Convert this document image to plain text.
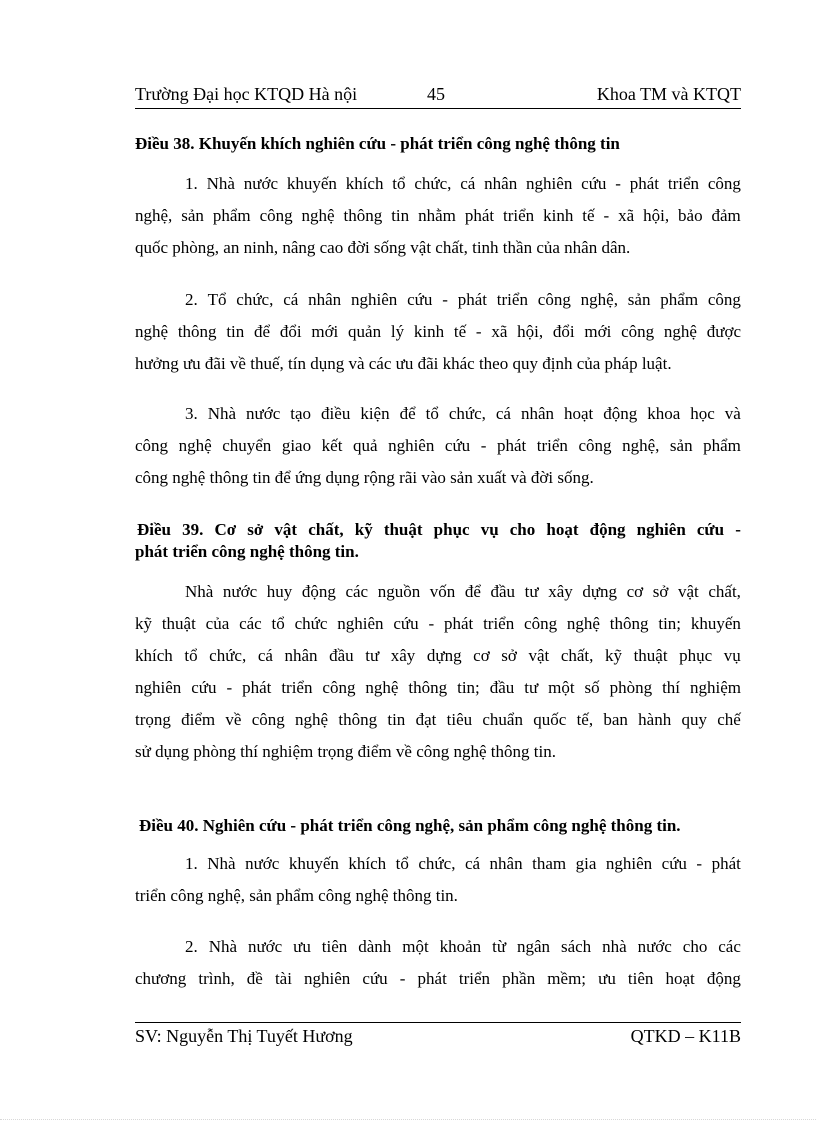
Trường Đại học KTQD Hà nội	45	Khoa TM và KTQT
Điều 38. Khuyến khích nghiên cứu - phát triển công nghệ thông tin
1. Nhà nước khuyến khích tổ chức, cá nhân nghiên cứu - phát triển công
nghệ, sản phẩm công nghệ thông tin nhằm phát triển kinh tế - xã hội, bảo đảm
quốc phòng, an ninh, nâng cao đời sống vật chất, tinh thần của nhân dân.
2. Tổ chức, cá nhân nghiên cứu - phát triển công nghệ, sản phẩm công
nghệ thông tin để đổi mới quản lý kinh tế - xã hội, đổi mới công nghệ được
hưởng ưu đãi về thuế, tín dụng và các ưu đãi khác theo quy định của pháp luật.
3. Nhà nước tạo điều kiện để tổ chức, cá nhân hoạt động khoa học và
công nghệ chuyển giao kết quả nghiên cứu - phát triển công nghệ, sản phẩm
công nghệ thông tin để ứng dụng rộng rãi vào sản xuất và đời sống.
Điều 39. Cơ sở vật chất, kỹ thuật phục vụ cho hoạt động nghiên cứu -
phát triển công nghệ thông tin.
Nhà nước huy động các nguồn vốn để đầu tư xây dựng cơ sở vật chất,
kỹ thuật của các tổ chức nghiên cứu - phát triển công nghệ thông tin; khuyến
khích tổ chức, cá nhân đầu tư xây dựng cơ sở vật chất, kỹ thuật phục vụ
nghiên cứu - phát triển công nghệ thông tin; đầu tư một số phòng thí nghiệm
trọng điểm về công nghệ thông tin đạt tiêu chuẩn quốc tế, ban hành quy chế
sử dụng phòng thí nghiệm trọng điểm về công nghệ thông tin.
Điều 40. Nghiên cứu - phát triển công nghệ, sản phẩm công nghệ thông tin.
1. Nhà nước khuyến khích tổ chức, cá nhân tham gia nghiên cứu - phát
triển công nghệ, sản phẩm công nghệ thông tin.
2. Nhà nước ưu tiên dành một khoản từ ngân sách nhà nước cho các
chương trình, đề tài nghiên cứu - phát triển phần mềm; ưu tiên hoạt động
SV: Nguyễn Thị Tuyết Hương	QTKD – K11B
